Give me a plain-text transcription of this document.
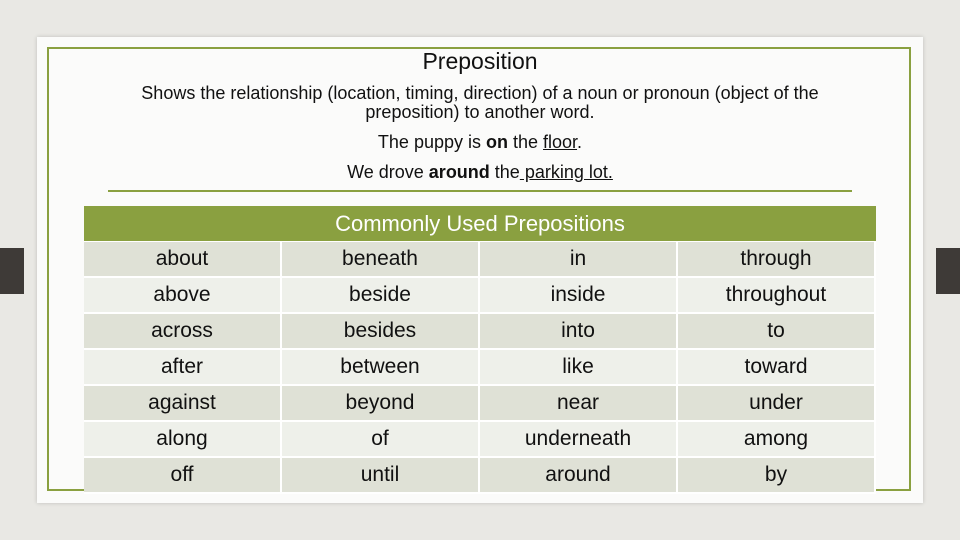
Preposition
Shows the relationship (location, timing, direction) of a noun or pronoun (object of the preposition) to another word.
The puppy is on the floor.
We drove around the parking lot.
Commonly Used Prepositions
about	beneath	in	through
above	beside	inside	throughout
across	besides	into	to
after	between	like	toward
against	beyond	near	under
along	of	underneath	among
off	until	around	by
